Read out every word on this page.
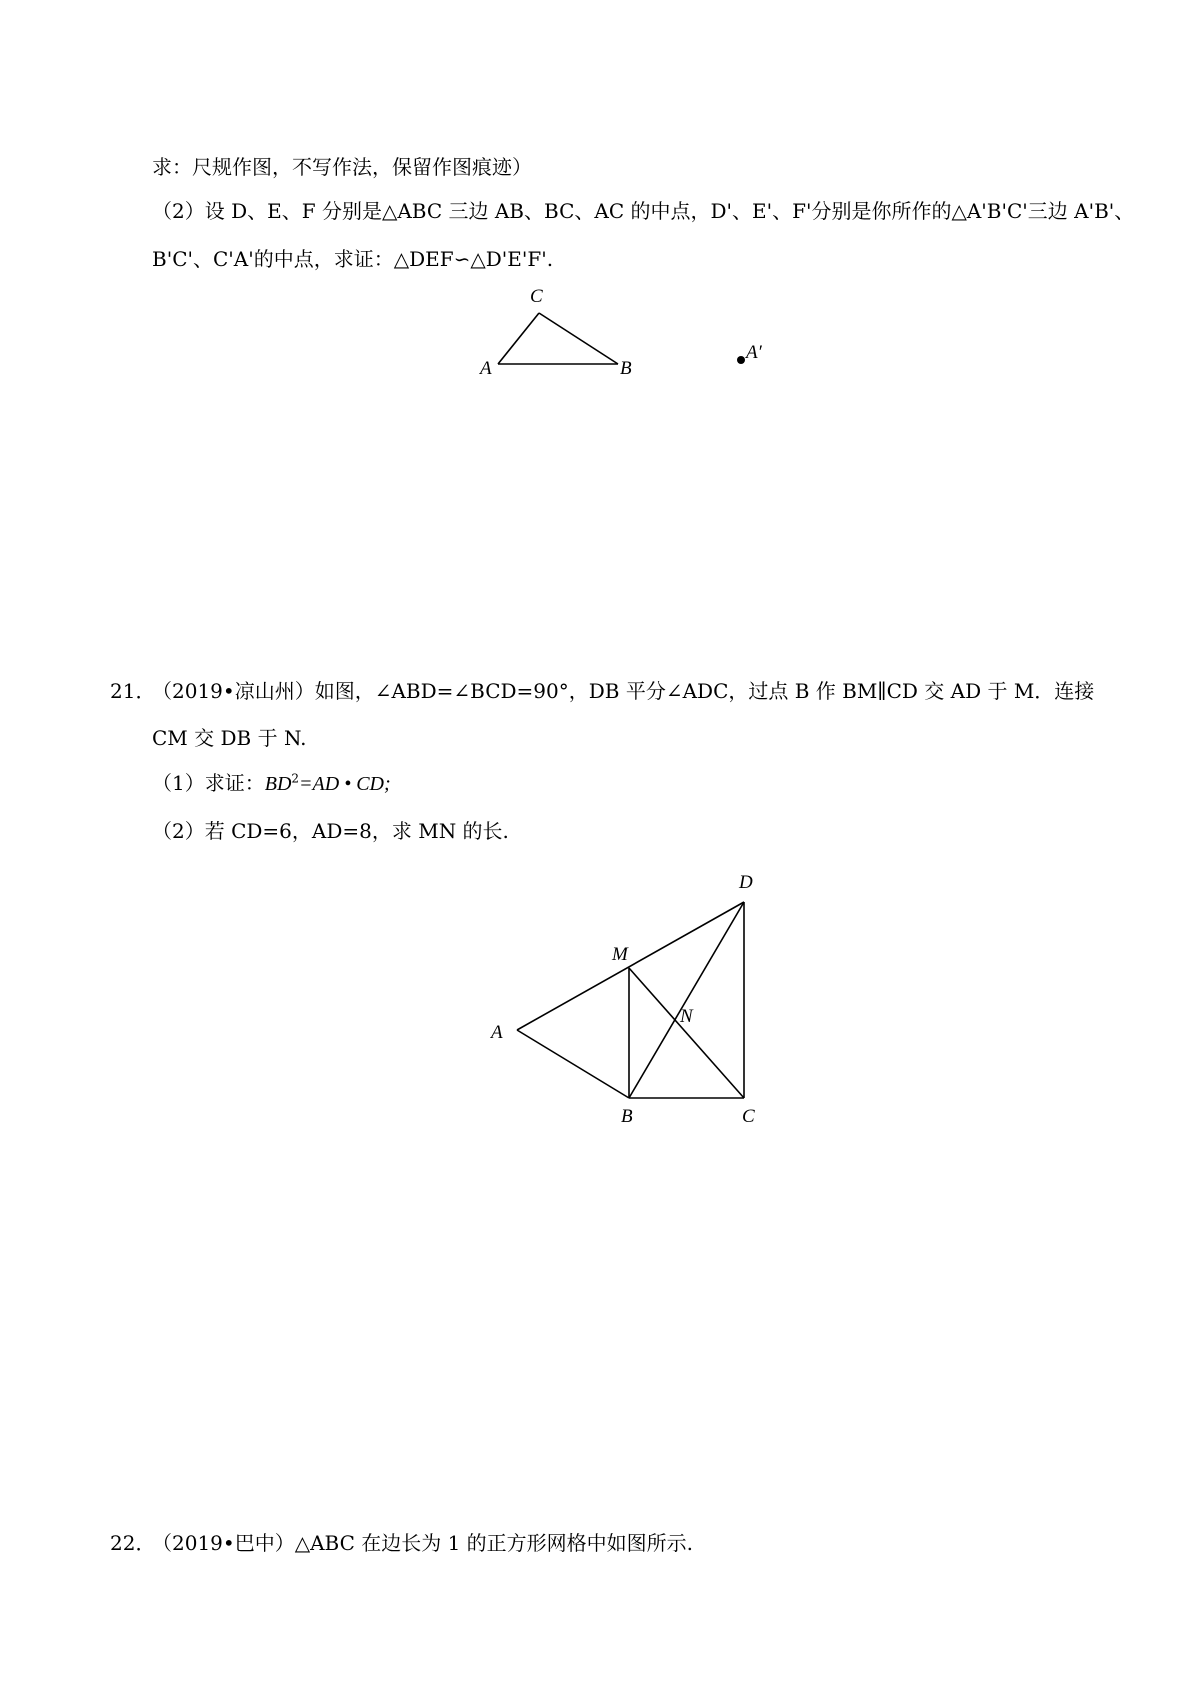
求：尺规作图，不写作法，保留作图痕迹）
（2）设 D、E、F 分别是△ABC 三边 AB、BC、AC 的中点，D'、E'、F'分别是你所作的△A'B'C'三边 A'B'、
B'C'、C'A'的中点，求证：△DEF∽△D'E'F'.
C
A	B
A′
21．
（2019•凉山州）如图，∠ABD=∠BCD=90°，DB 平分∠ADC，过点 B 作 BM∥CD 交 AD 于 M．连接
CM 交 DB 于 N.
（1）求证：$BD^2=AD$ • CD;
（2）若 CD=6，AD=8，求 MN 的长.
D
M
N
A
B	C
22．
（2019•巴中）△ABC 在边长为 1 的正方形网格中如图所示.
